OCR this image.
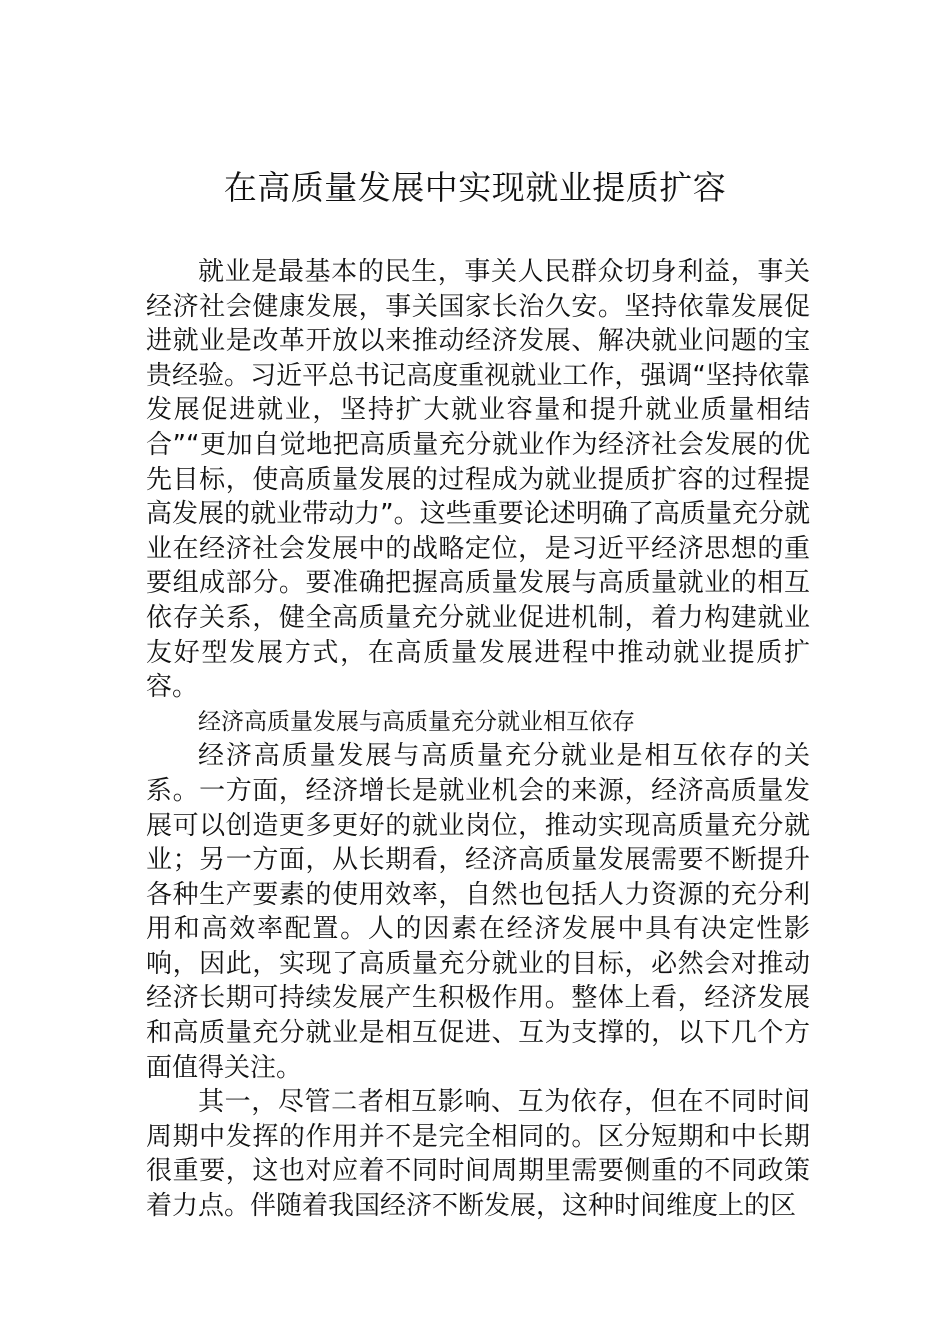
在高质量发展中实现就业提质扩容

就业是最基本的民生，事关人民群众切身利益，事关经济社会健康发展，事关国家长治久安。坚持依靠发展促进就业是改革开放以来推动经济发展、解决就业问题的宝贵经验。习近平总书记高度重视就业工作，强调“坚持依靠发展促进就业，坚持扩大就业容量和提升就业质量相结合”“更加自觉地把高质量充分就业作为经济社会发展的优先目标，使高质量发展的过程成为就业提质扩容的过程提高发展的就业带动力”。这些重要论述明确了高质量充分就业在经济社会发展中的战略定位，是习近平经济思想的重要组成部分。要准确把握高质量发展与高质量就业的相互依存关系，健全高质量充分就业促进机制，着力构建就业友好型发展方式，在高质量发展进程中推动就业提质扩容。

经济高质量发展与高质量充分就业相互依存

经济高质量发展与高质量充分就业是相互依存的关系。一方面，经济增长是就业机会的来源，经济高质量发展可以创造更多更好的就业岗位，推动实现高质量充分就业；另一方面，从长期看，经济高质量发展需要不断提升各种生产要素的使用效率，自然也包括人力资源的充分利用和高效率配置。人的因素在经济发展中具有决定性影响，因此，实现了高质量充分就业的目标，必然会对推动经济长期可持续发展产生积极作用。整体上看，经济发展和高质量充分就业是相互促进、互为支撑的，以下几个方面值得关注。

其一，尽管二者相互影响、互为依存，但在不同时间周期中发挥的作用并不是完全相同的。区分短期和中长期很重要，这也对应着不同时间周期里需要侧重的不同政策着力点。伴随着我国经济不断发展，这种时间维度上的区
